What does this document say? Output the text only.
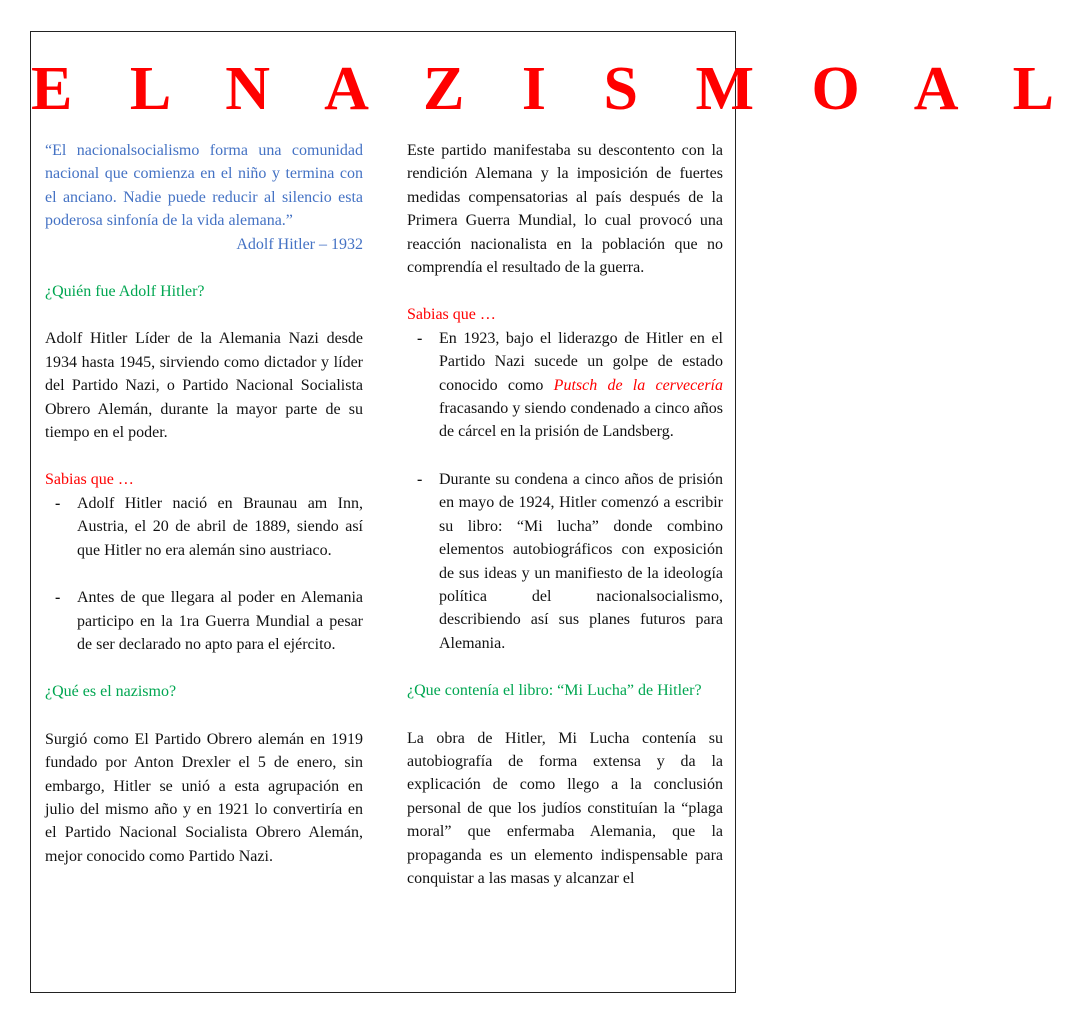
E L N A Z I S M O A L

“El nacionalsocialismo forma una comunidad nacional que comienza en el niño y termina con el anciano. Nadie puede reducir al silencio esta poderosa sinfonía de la vida alemana.”

Adolf Hitler – 1932

¿Quién fue Adolf Hitler?

Adolf Hitler Líder de la Alemania Nazi desde 1934 hasta 1945, sirviendo como dictador y líder del Partido Nazi, o Partido Nacional Socialista Obrero Alemán, durante la mayor parte de su tiempo en el poder.

Sabias que …

- Adolf Hitler nació en Braunau am Inn, Austria, el 20 de abril de 1889, siendo así que Hitler no era alemán sino austriaco.
- Antes de que llegara al poder en Alemania participo en la 1ra Guerra Mundial a pesar de ser declarado no apto para el ejército.

¿Qué es el nazismo?

Surgió como El Partido Obrero alemán en 1919 fundado por Anton Drexler el 5 de enero, sin embargo, Hitler se unió a esta agrupación en julio del mismo año y en 1921 lo convertiría en el Partido Nacional Socialista Obrero Alemán, mejor conocido como Partido Nazi.

Este partido manifestaba su descontento con la rendición Alemana y la imposición de fuertes medidas compensatorias al país después de la Primera Guerra Mundial, lo cual provocó una reacción nacionalista en la población que no comprendía el resultado de la guerra.

Sabias que …

- En 1923, bajo el liderazgo de Hitler en el Partido Nazi sucede un golpe de estado conocido como Putsch de la cervecería fracasando y siendo condenado a cinco años de cárcel en la prisión de Landsberg.
- Durante su condena a cinco años de prisión en mayo de 1924, Hitler comenzó a escribir su libro: “Mi lucha” donde combino elementos autobiográficos con exposición de sus ideas y un manifiesto de la ideología política del nacionalsocialismo, describiendo así sus planes futuros para Alemania.

¿Que contenía el libro: “Mi Lucha” de Hitler?

La obra de Hitler, Mi Lucha contenía su autobiografía de forma extensa y da la explicación de como llego a la conclusión personal de que los judíos constituían la “plaga moral” que enfermaba Alemania, que la propaganda es un elemento indispensable para conquistar a las masas y alcanzar el
